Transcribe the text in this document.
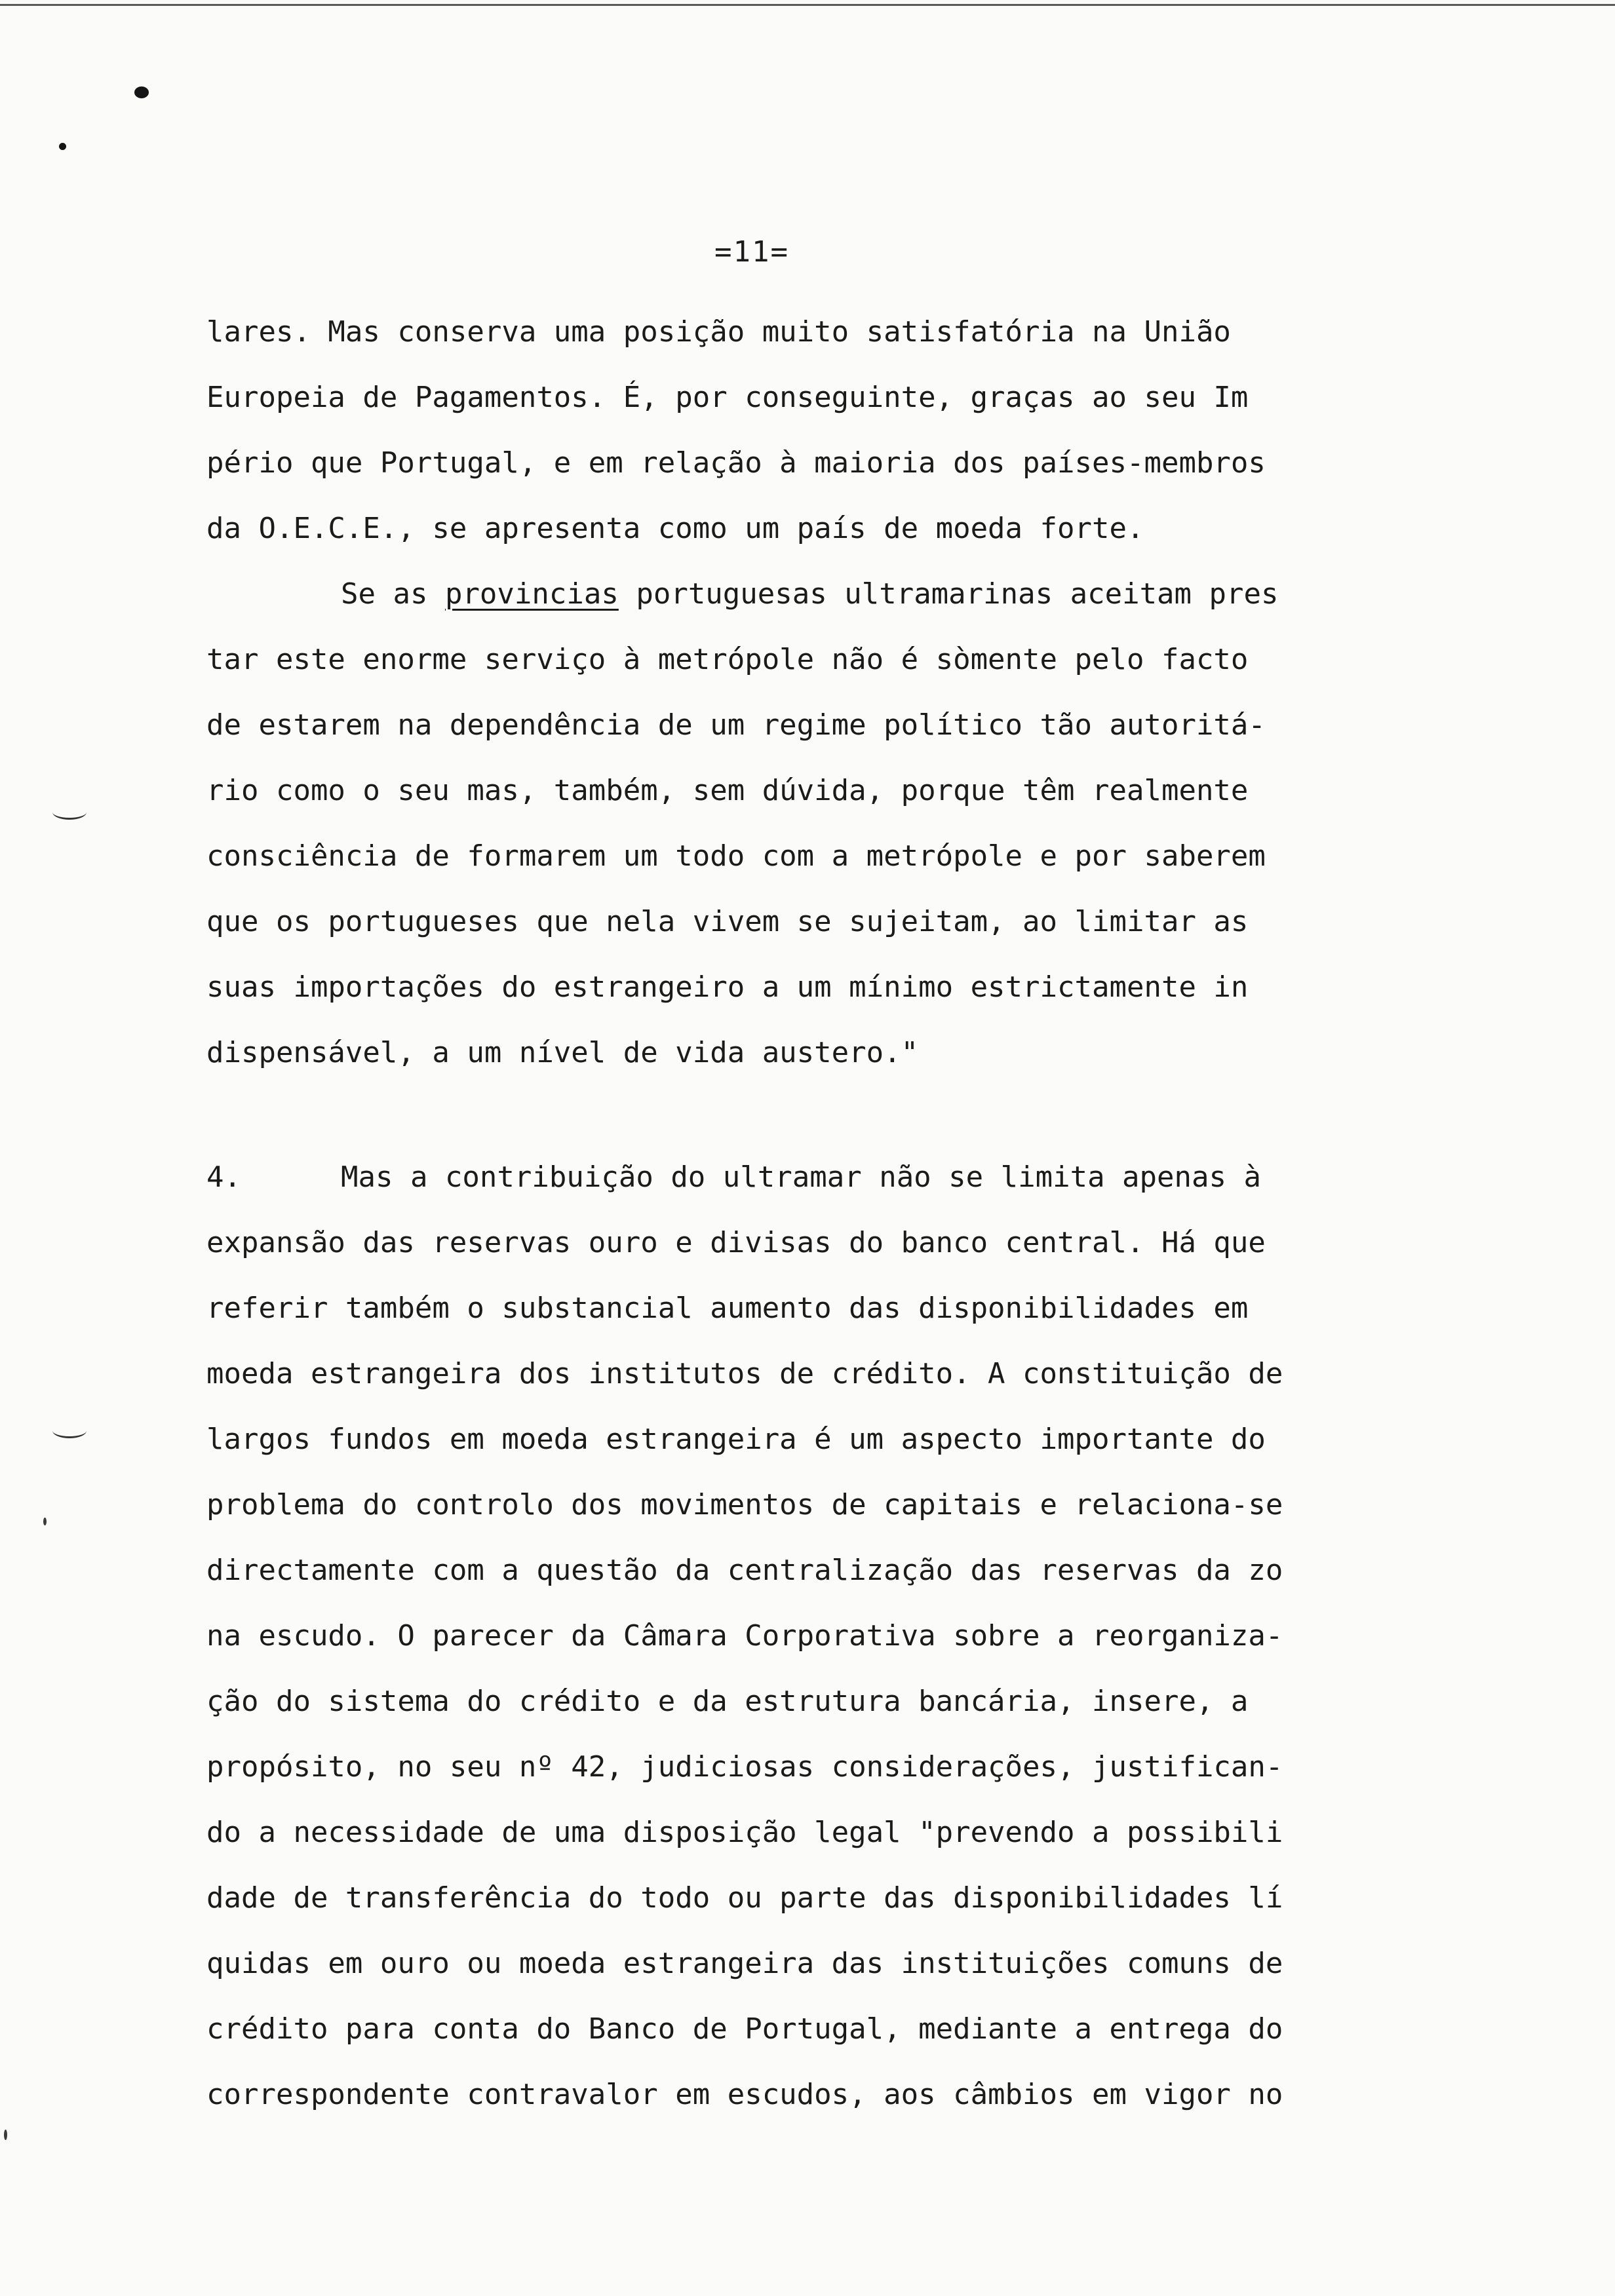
=11=
lares. Mas conserva uma posição muito satisfatória na União
Europeia de Pagamentos. É, por conseguinte, graças ao seu Im
pério que Portugal, e em relação à maioria dos países-membros
da O.E.C.E., se apresenta como um país de moeda forte.
Se as provincias portuguesas ultramarinas aceitam pres
tar este enorme serviço à metrópole não é sòmente pelo facto
de estarem na dependência de um regime político tão autoritá-
rio como o seu mas, também, sem dúvida, porque têm realmente
consciência de formarem um todo com a metrópole e por saberem
que os portugueses que nela vivem se sujeitam, ao limitar as
suas importações do estrangeiro a um mínimo estrictamente in
dispensável, a um nível de vida austero."
4.	Mas a contribuição do ultramar não se limita apenas à
expansão das reservas ouro e divisas do banco central. Há que
referir também o substancial aumento das disponibilidades em
moeda estrangeira dos institutos de crédito. A constituição de
largos fundos em moeda estrangeira é um aspecto importante do
problema do controlo dos movimentos de capitais e relaciona-se
directamente com a questão da centralização das reservas da zo
na escudo. O parecer da Câmara Corporativa sobre a reorganiza-
ção do sistema do crédito e da estrutura bancária, insere, a
propósito, no seu nº 42, judiciosas considerações, justifican-
do a necessidade de uma disposição legal "prevendo a possibili
dade de transferência do todo ou parte das disponibilidades lí
quidas em ouro ou moeda estrangeira das instituições comuns de
crédito para conta do Banco de Portugal, mediante a entrega do
correspondente contravalor em escudos, aos câmbios em vigor no
